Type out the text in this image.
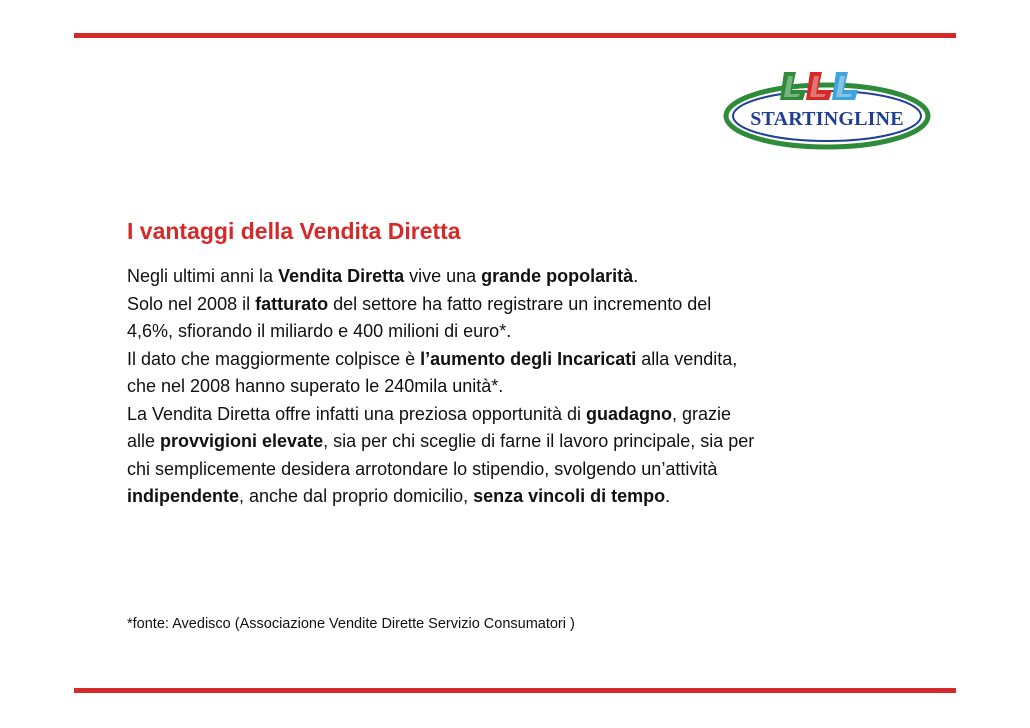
STARTINGLINE
I vantaggi della Vendita Diretta
Negli ultimi anni la Vendita Diretta vive una grande popolarità.
Solo nel 2008 il fatturato del settore ha fatto registrare un incremento del
4,6%, sfiorando il miliardo e 400 milioni di euro*.
Il dato che maggiormente colpisce è l’aumento degli Incaricati alla vendita,
che nel 2008 hanno superato le 240mila unità*.
La Vendita Diretta offre infatti una preziosa opportunità di guadagno, grazie
alle provvigioni elevate, sia per chi sceglie di farne il lavoro principale, sia per
chi semplicemente desidera arrotondare lo stipendio, svolgendo un’attività
indipendente, anche dal proprio domicilio, senza vincoli di tempo.

*fonte: Avedisco (Associazione Vendite Dirette Servizio Consumatori )
